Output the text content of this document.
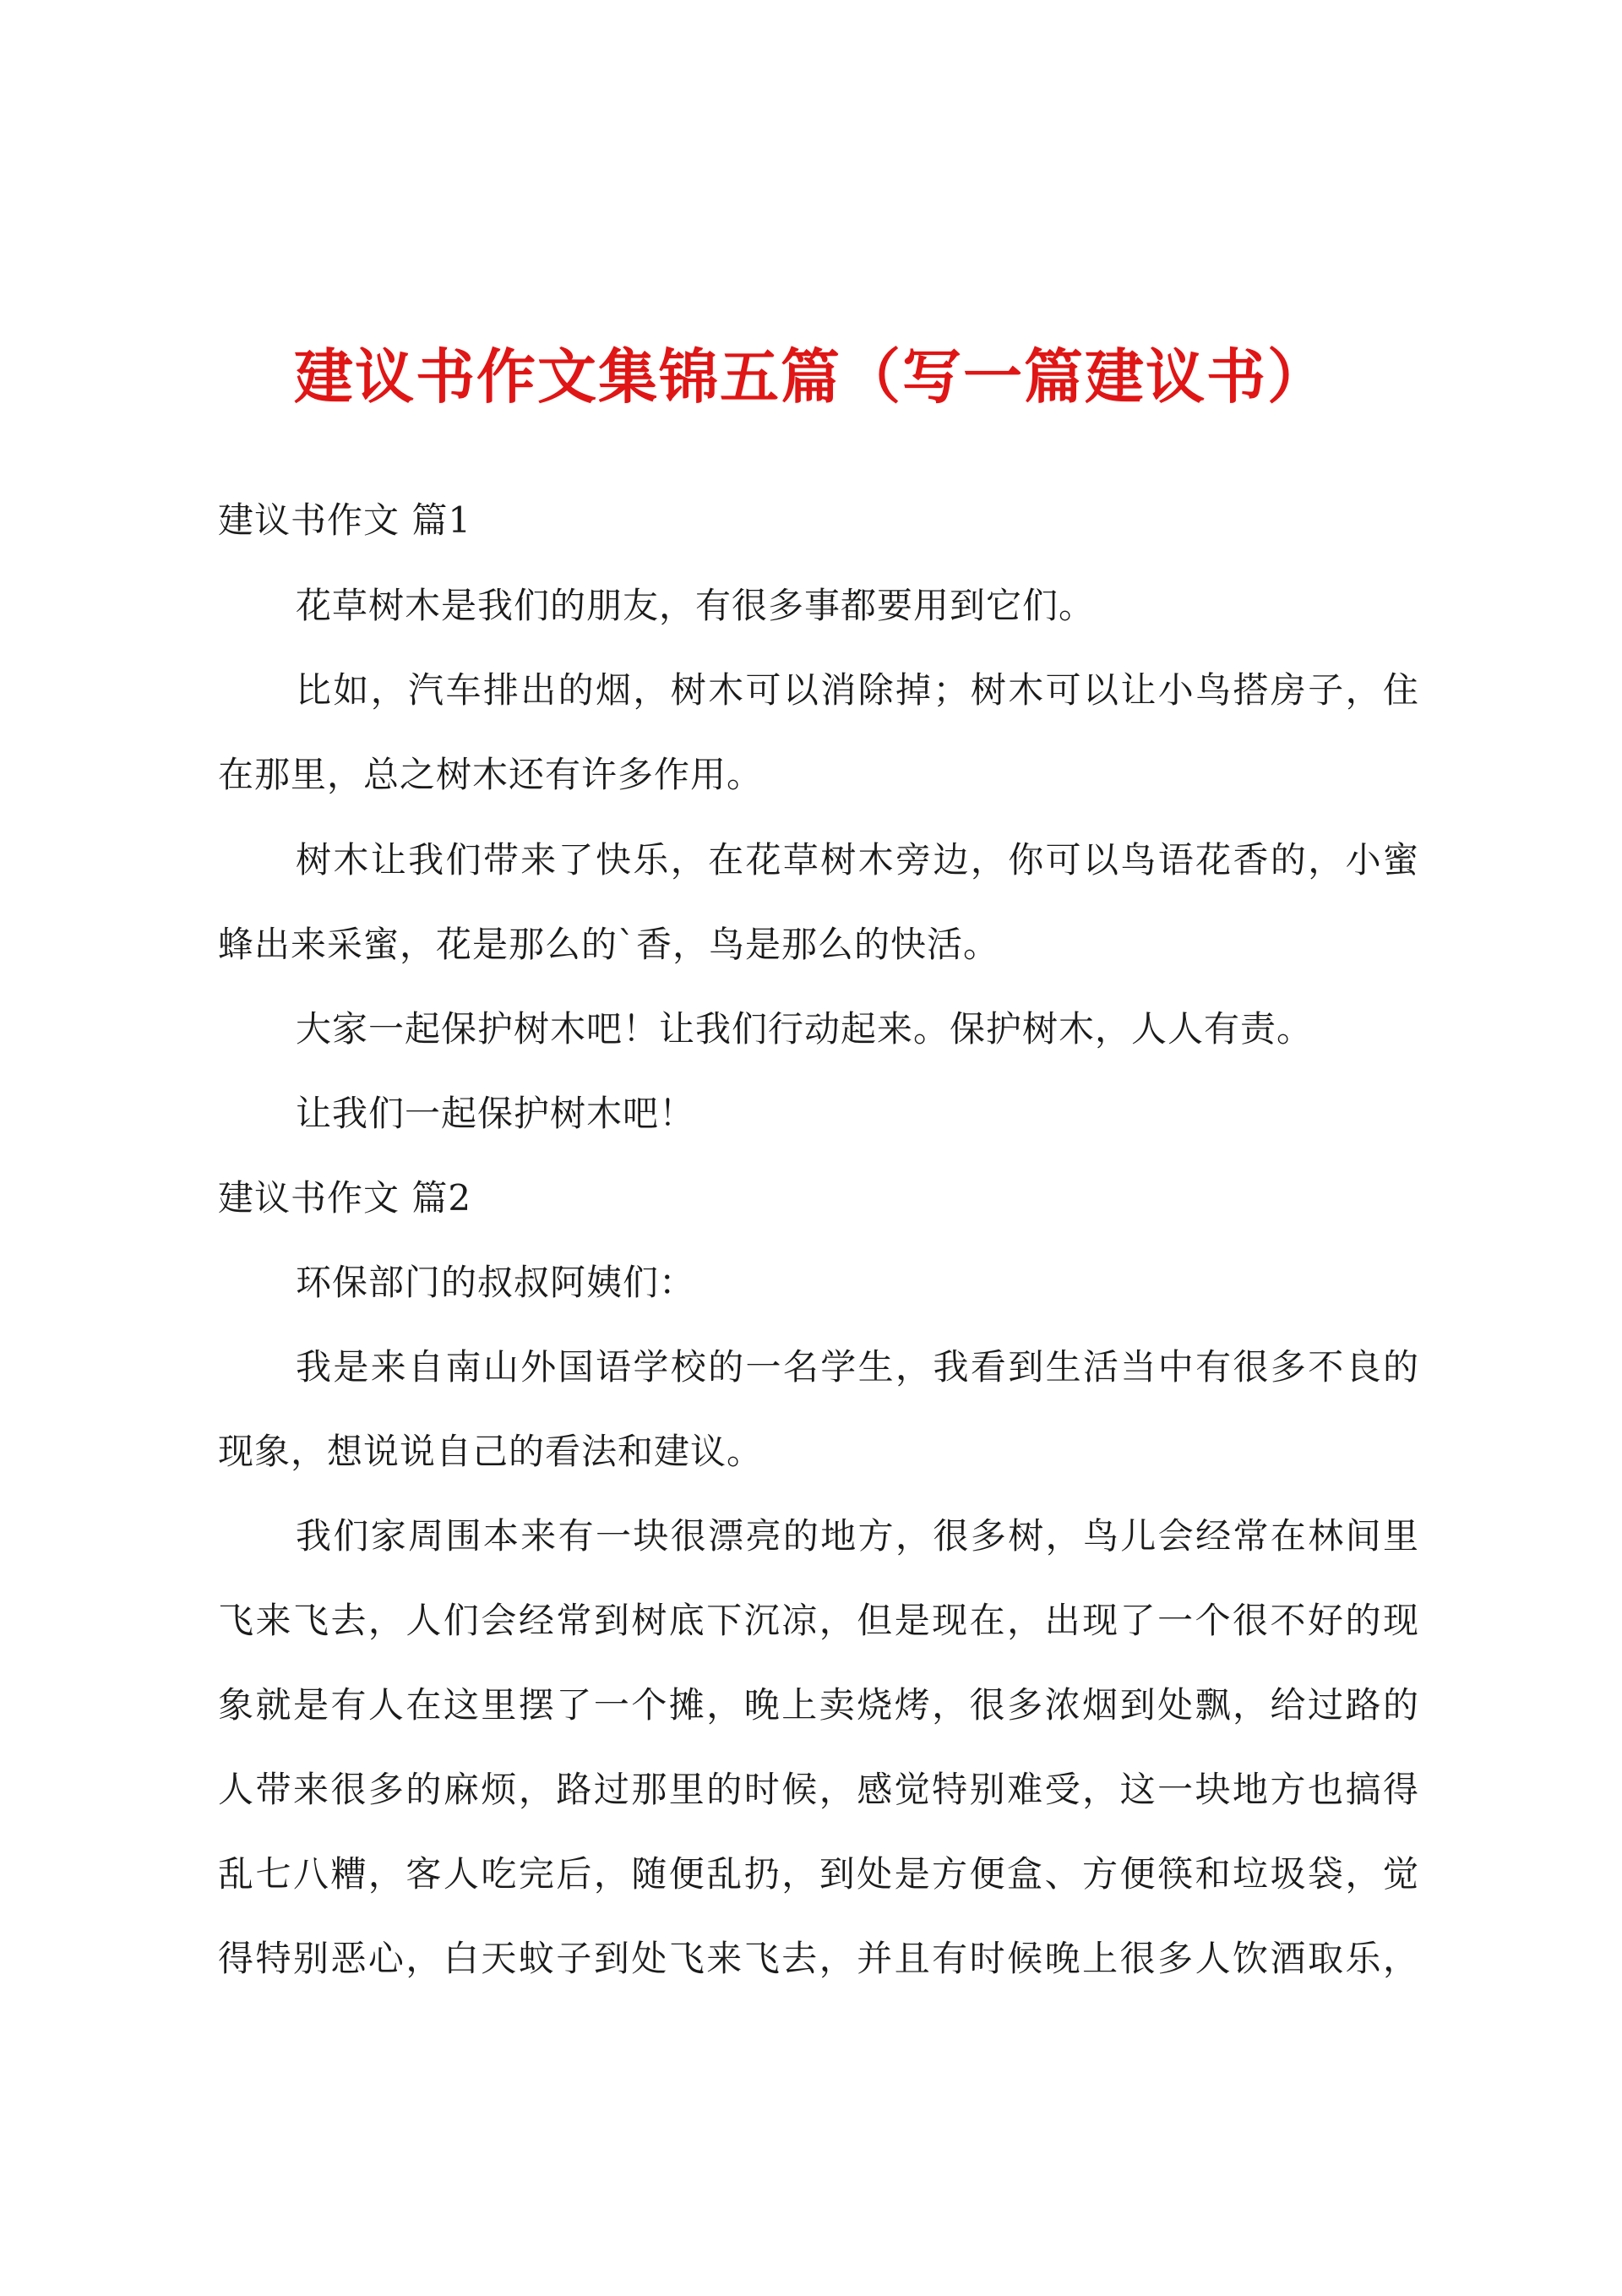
建议书作文集锦五篇（写一篇建议书）
建议书作文 篇1
花草树木是我们的朋友，有很多事都要用到它们。
比如，汽车排出的烟，树木可以消除掉；树木可以让小鸟搭房子，住
在那里，总之树木还有许多作用。
树木让我们带来了快乐，在花草树木旁边，你可以鸟语花香的，小蜜
蜂出来采蜜，花是那么的`香，鸟是那么的快活。
大家一起保护树木吧！让我们行动起来。保护树木，人人有责。
让我们一起保护树木吧！
建议书作文 篇2
环保部门的叔叔阿姨们：
我是来自南山外国语学校的一名学生，我看到生活当中有很多不良的
现象，想说说自己的看法和建议。
我们家周围本来有一块很漂亮的地方，很多树，鸟儿会经常在林间里
飞来飞去，人们会经常到树底下沉凉，但是现在，出现了一个很不好的现
象就是有人在这里摆了一个摊，晚上卖烧烤，很多浓烟到处飘，给过路的
人带来很多的麻烦，路过那里的时候，感觉特别难受，这一块地方也搞得
乱七八糟，客人吃完后，随便乱扔，到处是方便盒、方便筷和垃圾袋，觉
得特别恶心，白天蚊子到处飞来飞去，并且有时候晚上很多人饮酒取乐，
